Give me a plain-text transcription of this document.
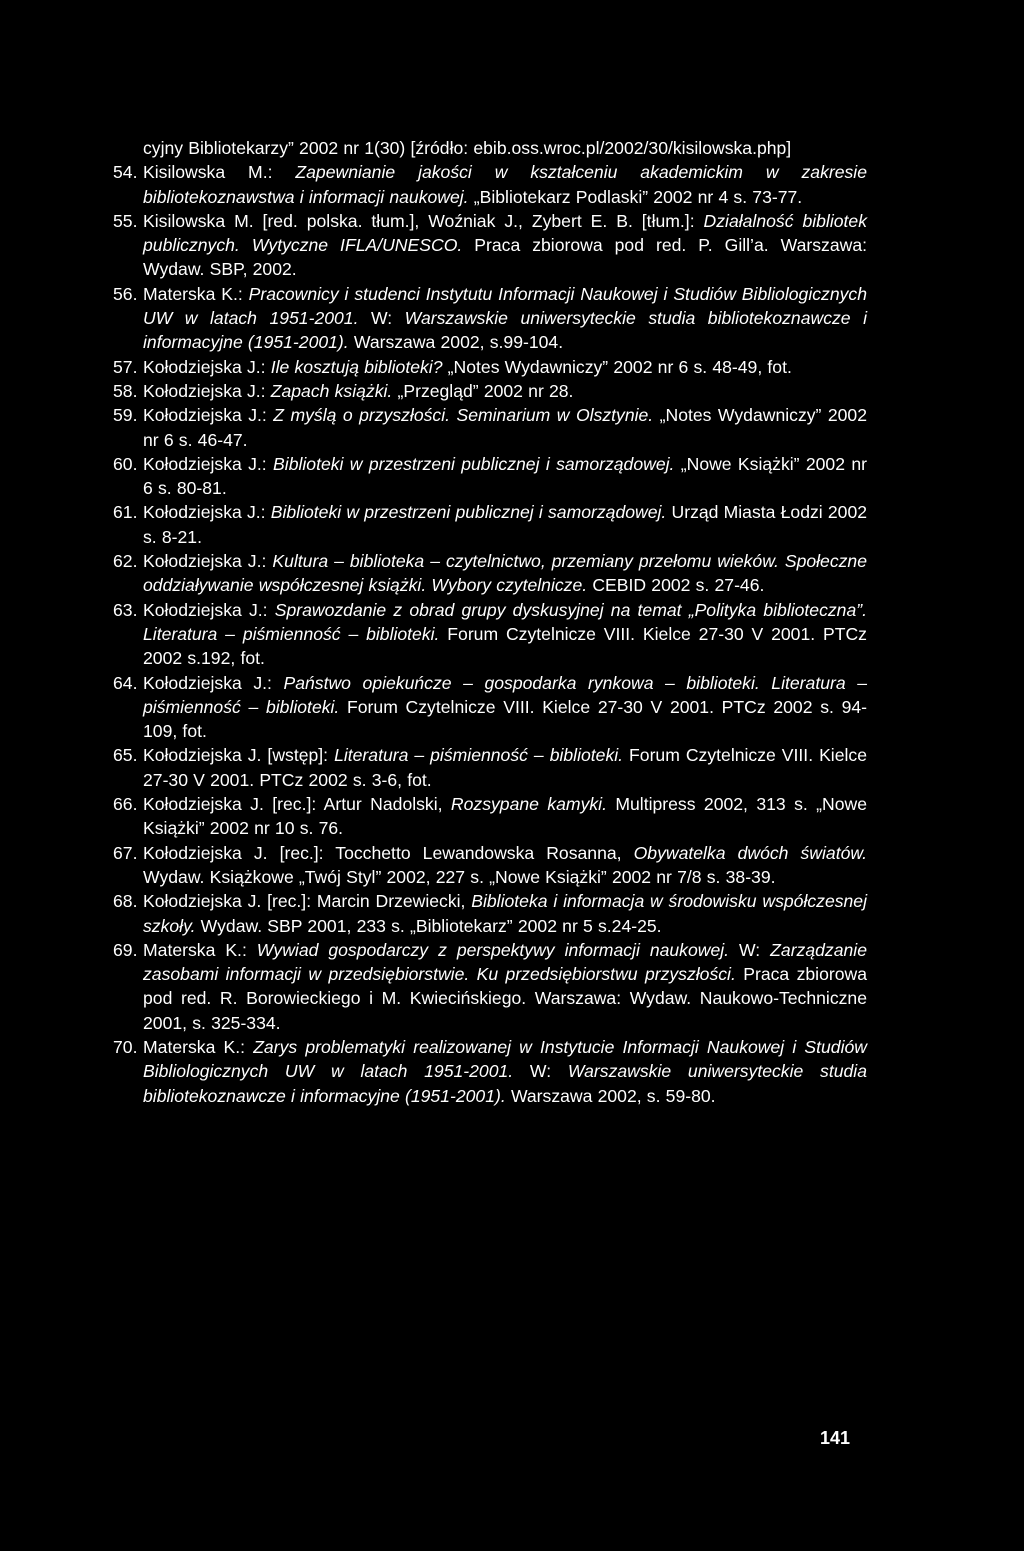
cyjny Bibliotekarzy” 2002 nr 1(30) [źródło: ebib.oss.wroc.pl/2002/30/kisilowska.php]

54. Kisilowska M.: Zapewnianie jakości w kształceniu akademickim w zakresie bibliotekoznawstwa i informacji naukowej. „Bibliotekarz Podlaski” 2002 nr 4 s. 73-77.

55. Kisilowska M. [red. polska. tłum.], Woźniak J., Zybert E. B. [tłum.]: Działalność bibliotek publicznych. Wytyczne IFLA/UNESCO. Praca zbiorowa pod red. P. Gill’a. Warszawa: Wydaw. SBP, 2002.

56. Materska K.: Pracownicy i studenci Instytutu Informacji Naukowej i Studiów Bibliologicznych UW w latach 1951-2001. W: Warszawskie uniwersyteckie studia bibliotekoznawcze i informacyjne (1951-2001). Warszawa 2002, s.99-104.

57. Kołodziejska J.: Ile kosztują biblioteki? „Notes Wydawniczy” 2002 nr 6 s. 48-49, fot.

58. Kołodziejska J.: Zapach książki. „Przegląd” 2002 nr 28.

59. Kołodziejska J.: Z myślą o przyszłości. Seminarium w Olsztynie. „Notes Wydawniczy” 2002 nr 6 s. 46-47.

60. Kołodziejska J.: Biblioteki w przestrzeni publicznej i samorządowej. „Nowe Książki” 2002 nr 6 s. 80-81.

61. Kołodziejska J.: Biblioteki w przestrzeni publicznej i samorządowej. Urząd Miasta Łodzi 2002 s. 8-21.

62. Kołodziejska J.: Kultura – biblioteka – czytelnictwo, przemiany przełomu wieków. Społeczne oddziaływanie współczesnej książki. Wybory czytelnicze. CEBID 2002 s. 27-46.

63. Kołodziejska J.: Sprawozdanie z obrad grupy dyskusyjnej na temat „Polityka biblioteczna”. Literatura – piśmienność – biblioteki. Forum Czytelnicze VIII. Kielce 27-30 V 2001. PTCz 2002 s.192, fot.

64. Kołodziejska J.: Państwo opiekuńcze – gospodarka rynkowa – biblioteki. Literatura – piśmienność – biblioteki. Forum Czytelnicze VIII. Kielce 27-30 V 2001. PTCz 2002 s. 94-109, fot.

65. Kołodziejska J. [wstęp]: Literatura – piśmienność – biblioteki. Forum Czytelnicze VIII. Kielce 27-30 V 2001. PTCz 2002 s. 3-6, fot.

66. Kołodziejska J. [rec.]: Artur Nadolski, Rozsypane kamyki. Multipress 2002, 313 s. „Nowe Książki” 2002 nr 10 s. 76.

67. Kołodziejska J. [rec.]: Tocchetto Lewandowska Rosanna, Obywatelka dwóch światów. Wydaw. Książkowe „Twój Styl” 2002, 227 s. „Nowe Książki” 2002 nr 7/8 s. 38-39.

68. Kołodziejska J. [rec.]: Marcin Drzewiecki, Biblioteka i informacja w środowisku współczesnej szkoły. Wydaw. SBP 2001, 233 s. „Bibliotekarz” 2002 nr 5 s.24-25.

69. Materska K.: Wywiad gospodarczy z perspektywy informacji naukowej. W: Zarządzanie zasobami informacji w przedsiębiorstwie. Ku przedsiębiorstwu przyszłości. Praca zbiorowa pod red. R. Borowieckiego i M. Kwiecińskiego. Warszawa: Wydaw. Naukowo-Techniczne 2001, s. 325-334.

70. Materska K.: Zarys problematyki realizowanej w Instytucie Informacji Naukowej i Studiów Bibliologicznych UW w latach 1951-2001. W: Warszawskie uniwersyteckie studia bibliotekoznawcze i informacyjne (1951-2001). Warszawa 2002, s. 59-80.

141
